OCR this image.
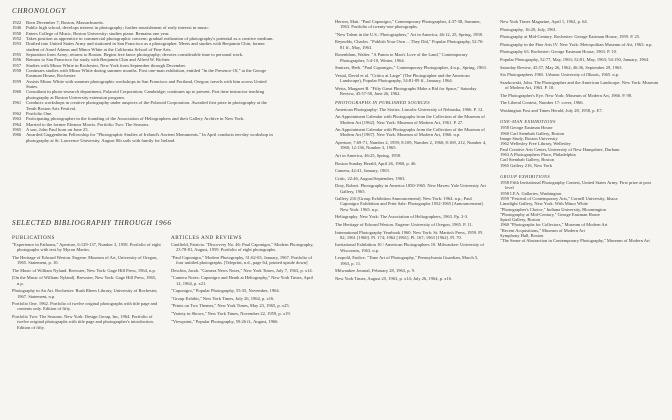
CHRONOLOGY
1922	Born December 7, Boston, Massachusetts.
1946	Public high school, develops interest in photography; further nourishment of early interest in music.
1950	Enters College of Music, Boston University; studies piano. Remains one year.
1952	Takes position as apprentice in commercial photographic concern; gradual realization of photography's potential as a creative medium.
1953	Drafted into United States Army and stationed in San Francisco as a photographer. Meets and studies with Benjamin Chin, former student of Ansel Adams and Minor White at the California School of Fine Arts.
1955	Separation from Army; returns to Boston. Begins free lance photography; devotes considerable time to personal work.
1956	Returns to San Francisco for study with Benjamin Chin and Alfred W. Richter.
1957	Studies with Minor White in Rochester, New York from September through December.
1958	Continues studies with Minor White during summer months. First one-man exhibition, entitled "In the Presence Of," at the George Eastman House, Rochester.
1959	Assists Minor White with summer photographic workshops in San Francisco and Portland, Oregon; travels with him across United States.
1960	Consultant in photo-research department, Polaroid Corporation, Cambridge; continues up to present. Part time instructor teaching photography at Boston University extension program.
1961	Conducts workshops in creative photography under auspices of the Polaroid Corporation. Awarded first prize in photography at the Tenth Boston Arts Festival.
1962	Portfolio One.
1963	Participating photographer in the founding of the Association of Heliographers and their Gallery Archive in New York.
1964	Married to the former Eleanor Morris. Portfolio Two: The Seasons.
1965	A son, John Paul born on June 25.
1966	Awarded Guggenheim Fellowship for "Photographic Studies of Ireland's Ancient Monuments." In April conducts ten-day workshop in photography at St. Lawrence University. August 8th sails with family for Ireland.
SELECTED BIBLIOGRAPHY THROUGH 1966
PUBLICATIONS
"Experience in Fathoms," Aperture, 6:129-137, Number 3, 1958. Portfolio of eight photographs with text by Myron Martin.
The Heritage of Edward Weston. Eugene: Museum of Art, University of Oregon, 1965. Statement, p. 10.
The Music of William Nyland. Brewster, New York: Gage Hill Press, 1964, n.p.
[On the Music of William Nyland]. Brewster, New York: Gage Hill Press, 1965, n.p.
Photography in An Art. Rochester: Rush Rhees Library, University of Rochester, 1967. Statement, n.p.
Portfolio One. 1962. Portfolio of twelve original photographs with title page and contents only. Edition of fifty.
Portfolio Two: The Seasons. New York: Design Group, Inc, 1964. Portfolio of twelve original photographs with title page and photographer's introduction. Edition of fifty.
ARTICLES AND REVIEWS
Caulfield, Patricia. "Discovery No. 46: Paul Caponigro," Modern Photography, 23:78-81, August, 1959. Portfolio of eight photographs.
"Paul Caponigro," Modern Photography, 31:62-65, January, 1967. Portfolio of four untitled photographs. [Teleprint, n.d., page 64, printed upside down]
Deschin, Jacob. "Camera News Notes," New York Times, July 7, 1963, p. x14.
"Camera Notes: Caponigro and Heath at Heliography," New York Times, April 12, 1964, p. x21.
"Caponigro," Popular Photography, 55:35, November, 1964.
"Group Exhibit," New York Times, July 26, 1964, p. x16.
"Prints on Two Themes," New York Times, May 23, 1965, p. x25.
"Variety in Shows," New York Times, November 22, 1959, p. x19.
"Viewpoint," Popular Photography, 59:26 ff., August, 1966.
Herron, Matt. "Paul Caponigro," Contemporary Photographer, 4:37-38, Summer, 1963. Portfolio of twenty-one photographs.
"New Talent in the U.S.: Photographers," Art in America, 46:12, 25, Spring, 1958.
Reynolds, Charles. "Publish Your Own ... They Did," Popular Photography, 52:76-81 ff., May, 1963.
Rosenblum, Walter. "A Panon to Man's Love of the Land," Contemporary Photographer, 5:4-10, Winter, 1964.
Smirzer, Herb. "Paul Caponigro," Contemporary Photographer, 4:n.p., Spring, 1963.
Vestal, David et al. "Critics at Large" (The Photographer and the American Landscape), Popular Photography, 54:81-89 ff., January, 1964.
Weiss, Margaret R. "Fifty Great Photographs Make a Bid for Space," Saturday Review, 45:57-58, June 26, 1962.
PHOTOGRAPHS IN PUBLISHED SOURCES
American Photography: The Sixties. Lincoln: University of Nebraska, 1966. P. 12.
An Appointment Calendar with Photographs from the Collection of the Museum of Modern Art [1962]. New York: Museum of Modern Art, 1961. P. 27.
An Appointment Calendar with Photographs from the Collection of the Museum of Modern Art [1967]. New York: Museum of Modern Art, 1966. n.p.
Aperture, 7:69-71, Number 2, 1959; 8:109, Number 2, 1960; 8:169, 212, Number 4, 1960; 12:136, Number 3, 1965.
Art in America, 46:25, Spring, 1958.
Boston Sunday Herald, April 26, 1960, p. 46.
Camera, 42:41, January, 1963.
Critic, 22:46, August/September, 1963.
Doty, Robert. Photography in America 1850-1965. New Haven: Yale University Art Gallery, 1965.
Gallery 216 [Group Exhibition Announcement]. New York: 1964. n.p.; Paul Caponigro Exhibition and Print Sale: Photographs 1952-1965 [Announcement]. New York: 1965. n.p.
Heliography. New York: The Association of Heliographers, 1963. Pp. 2-3.
The Heritage of Edward Weston. Eugene: University of Oregon, 1965. P. 11.
International Photography Yearbook 1960. New York: St. Martin's Press, 1959. Pl. 82; 1961 [1960]. Pl. 174; 1962 [1961]. Pl. 167; 1963 [1962]. Pl. 70.
Invitational Exhibition 10 / American Photographers 10. Milwaukee: University of Wisconsin, 1963. n.p.
Leopold, Eudice. "Time Art of Photography," Pennsylvania Guardian, March 5, 1963, p. 11.
Milwaukee Journal, February 28, 1963, p. 9.
New York Times, August 25, 1963, p. x14; July 26, 1964, p. x16.
New York Times Magazine, April 1, 1962, p. 64.
Photography, 16:20, July, 1961.
Photography at Mid-Century. Rochester: George Eastman House, 1959. P. 25.
Photography in the Fine Arts IV. New York: Metropolitan Museum of Art, 1963. n.p.
Photography 63. Rochester: George Eastman House, 1963. P. 10.
Popular Photography, 52:77, May, 1963; 52:81, May, 1963; 54:150, January, 1964.
Saturday Review, 45:57, May 26, 1962; 46:36, September 29, 1963.
Six Photographers 1965. Urbana: University of Illinois, 1965. n.p.
Szarkowski, John. The Photographer and the American Landscape. New York: Museum of Modern Art, 1963. P. 10.
The Photographer's Eye. New York: Museum of Modern Art, 1966. P. 98.
The Liberal Context, Number 17: cover, 1966.
Washington Post and Times Herald, July 28, 1958, p. E7.
ONE-MAN EXHIBITIONS
1958 George Eastman House
1960 Carl Siembab Gallery, Boston
Image Study, Boston University
1962 Wellesley Free Library, Wellesley
Paul Creative Arts Center, University of New Hampshire, Durham
1963 A Photographers Place, Philadelphia
Carl Siembab Gallery, Boston
1965 Gallery 216, New York
GROUP EXHIBITIONS
1958 Fifth Invitational Photography Contest, United States Army. First prize at post level
1958 I.F.A. Galleries, Washington
1959 "Festival of Contemporary Arts," Cornell University, Ithaca
Limelight Gallery, New York. With Minor White
"Photographer's Choice," Indiana University, Bloomington
"Photography at Mid-Century," George Eastman House
Spiral Gallery, Boston
1960 "Photographs for Collectors," Museum of Modern Art
"Recent Acquisitions," Museum of Modern Art
Symphony Hall, Boston
"The Sense of Abstraction in Contemporary Photography," Museum of Modern Art
